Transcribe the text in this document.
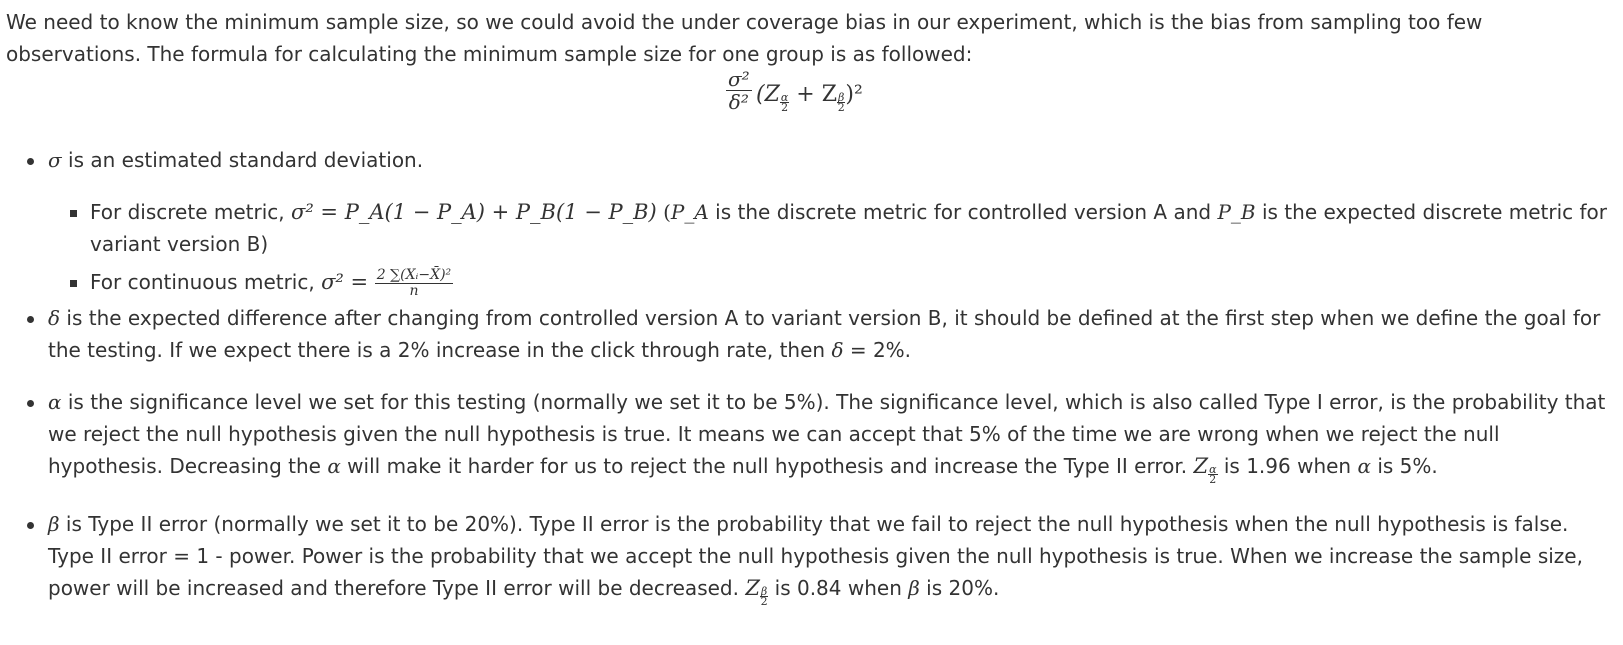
We need to know the minimum sample size, so we could avoid the under coverage bias in our experiment, which is the bias from sampling too few observations. The formula for calculating the minimum sample size for one group is as followed:

$\frac{\text{σ²}}{\text{δ²}} (Z \frac{\alpha}{2} + Z \frac{\beta}{2} )^2$

σ is an estimated standard deviation.

For discrete metric, σ² = P_A(1 − P_A) + P_B(1 − P_B) (P_A is the discrete metric for controlled version A and P_B is the expected discrete metric for variant version B)

For continuous metric, $\sigma^2 = \frac{\text{2 ∑(Xᵢ−X̄)²}}{n}$

δ is the expected difference after changing from controlled version A to variant version B, it should be defined at the first step when we define the goal for the testing. If we expect there is a 2% increase in the click through rate, then δ = 2%.

α is the significance level we set for this testing (normally we set it to be 5%). The significance level, which is also called Type I error, is the probability that we reject the null hypothesis given the null hypothesis is true. It means we can accept that 5% of the time we are wrong when we reject the null hypothesis. Decreasing the α will make it harder for us to reject the null hypothesis and increase the Type II error. Z $\frac{\alpha}{2}$ is 1.96 when α is 5%.

β is Type II error (normally we set it to be 20%). Type II error is the probability that we fail to reject the null hypothesis when the null hypothesis is false. Type II error = 1 - power. Power is the probability that we accept the null hypothesis given the null hypothesis is true. When we increase the sample size, power will be increased and therefore Type II error will be decreased. Z $\frac{\beta}{2}$ is 0.84 when β is 20%.
